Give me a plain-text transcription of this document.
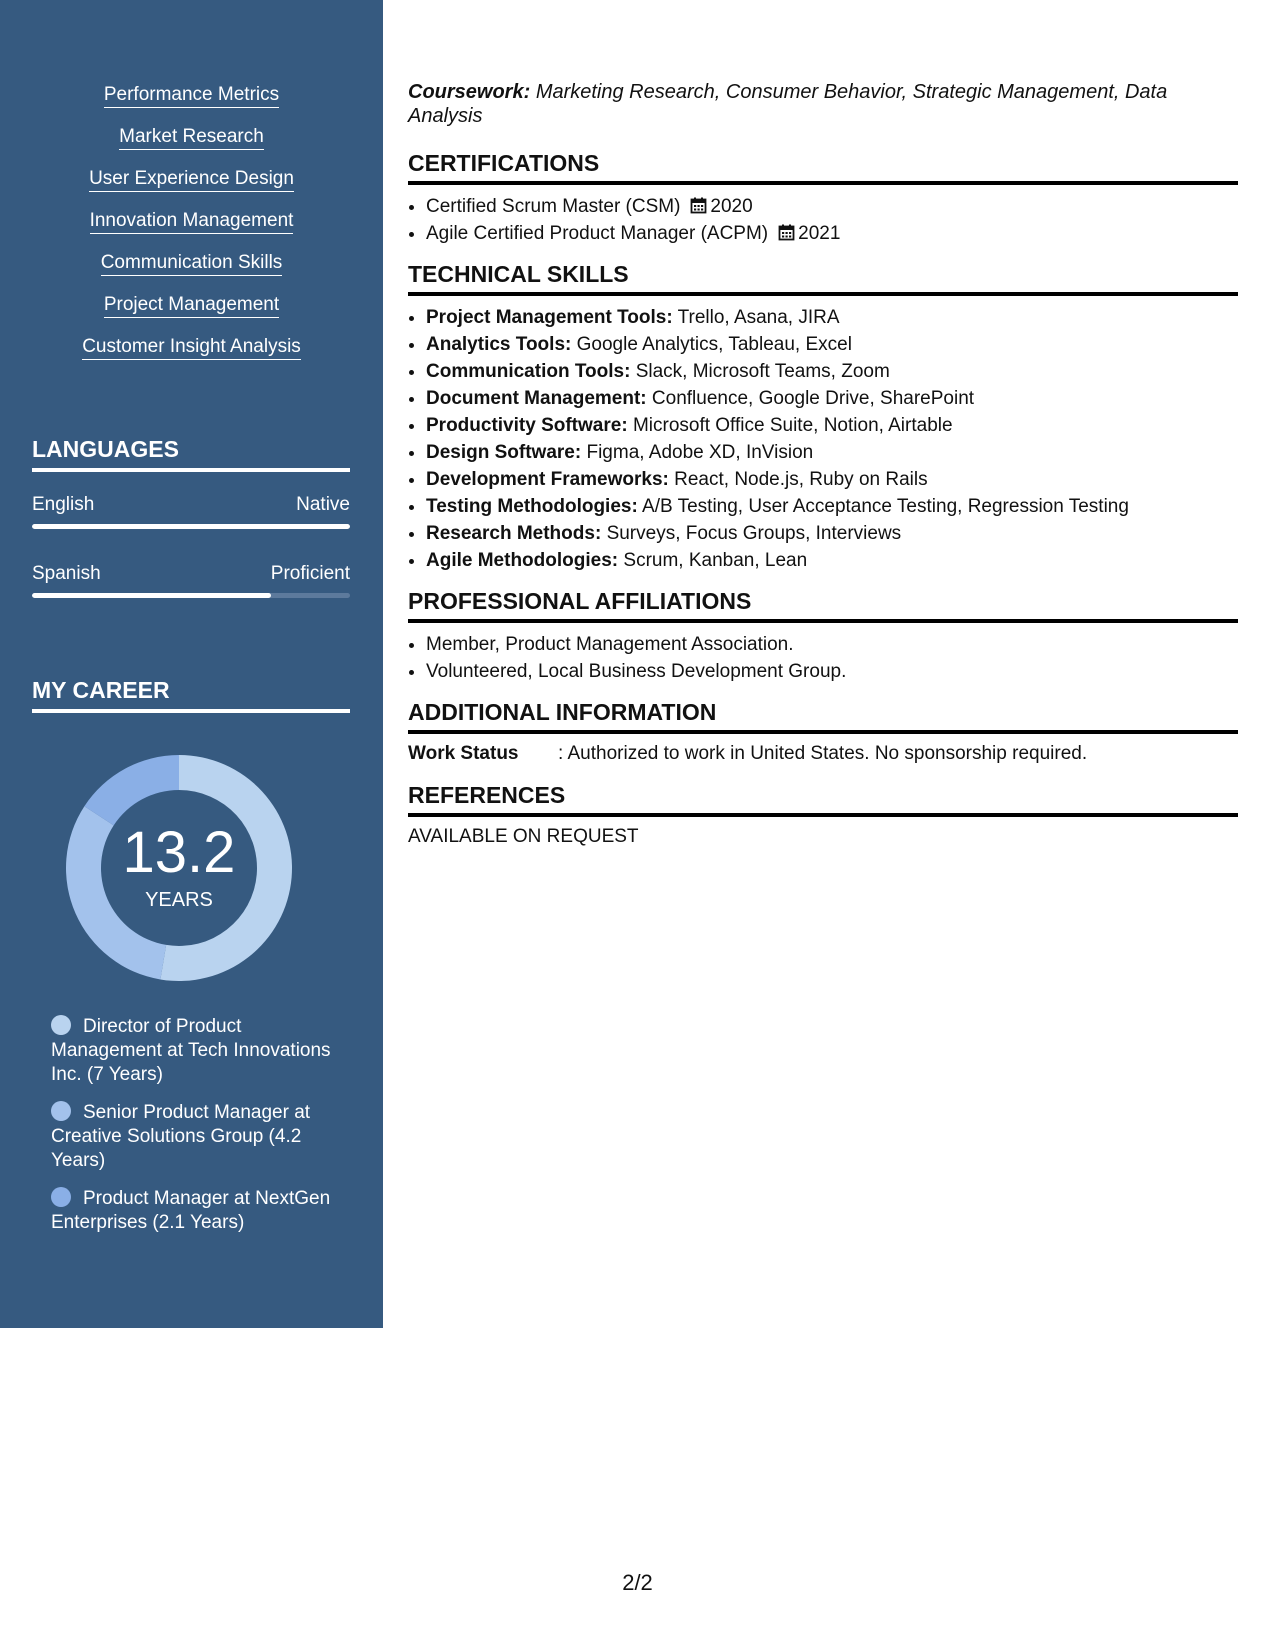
Performance Metrics
Market Research
User Experience Design
Innovation Management
Communication Skills
Project Management
Customer Insight Analysis
LANGUAGES
English	Native
Spanish	Proficient
MY CAREER
13.2
YEARS
Director of Product Management at Tech Innovations Inc. (7 Years)
Senior Product Manager at Creative Solutions Group (4.2 Years)
Product Manager at NextGen Enterprises (2.1 Years)

Coursework: Marketing Research, Consumer Behavior, Strategic Management, Data Analysis

CERTIFICATIONS
• Certified Scrum Master (CSM) 2020
• Agile Certified Product Manager (ACPM) 2021
TECHNICAL SKILLS
• Project Management Tools: Trello, Asana, JIRA
• Analytics Tools: Google Analytics, Tableau, Excel
• Communication Tools: Slack, Microsoft Teams, Zoom
• Document Management: Confluence, Google Drive, SharePoint
• Productivity Software: Microsoft Office Suite, Notion, Airtable
• Design Software: Figma, Adobe XD, InVision
• Development Frameworks: React, Node.js, Ruby on Rails
• Testing Methodologies: A/B Testing, User Acceptance Testing, Regression Testing
• Research Methods: Surveys, Focus Groups, Interviews
• Agile Methodologies: Scrum, Kanban, Lean
PROFESSIONAL AFFILIATIONS
• Member, Product Management Association.
• Volunteered, Local Business Development Group.
ADDITIONAL INFORMATION
Work Status	: Authorized to work in United States. No sponsorship required.
REFERENCES
AVAILABLE ON REQUEST
2/2
